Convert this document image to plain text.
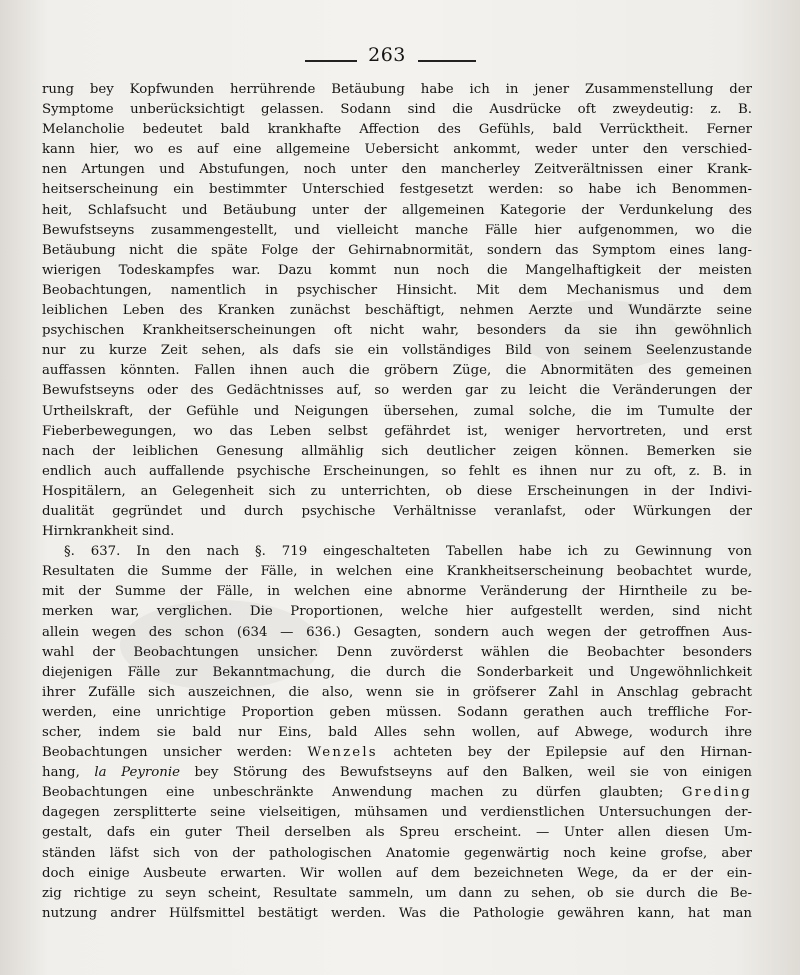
263
rung bey Kopfwunden herrührende Betäubung habe ich in jener Zusammenstellung der
Symptome unberücksichtigt gelassen. Sodann sind die Ausdrücke oft zweydeutig: z. B.
Melancholie bedeutet bald krankhafte Affection des Gefühls, bald Verrücktheit. Ferner
kann hier, wo es auf eine allgemeine Uebersicht ankommt, weder unter den verschied-
nen Artungen und Abstufungen, noch unter den mancherley Zeitverältnissen einer Krank-
heitserscheinung ein bestimmter Unterschied festgesetzt werden: so habe ich Benommen-
heit, Schlafsucht und Betäubung unter der allgemeinen Kategorie der Verdunkelung des
Bewufstseyns zusammengestellt, und vielleicht manche Fälle hier aufgenommen, wo die
Betäubung nicht die späte Folge der Gehirnabnormität, sondern das Symptom eines lang-
wierigen Todeskampfes war. Dazu kommt nun noch die Mangelhaftigkeit der meisten
Beobachtungen, namentlich in psychischer Hinsicht. Mit dem Mechanismus und dem
leiblichen Leben des Kranken zunächst beschäftigt, nehmen Aerzte und Wundärzte seine
psychischen Krankheitserscheinungen oft nicht wahr, besonders da sie ihn gewöhnlich
nur zu kurze Zeit sehen, als dafs sie ein vollständiges Bild von seinem Seelenzustande
auffassen könnten. Fallen ihnen auch die gröbern Züge, die Abnormitäten des gemeinen
Bewufstseyns oder des Gedächtnisses auf, so werden gar zu leicht die Veränderungen der
Urtheilskraft, der Gefühle und Neigungen übersehen, zumal solche, die im Tumulte der
Fieberbewegungen, wo das Leben selbst gefährdet ist, weniger hervortreten, und erst
nach der leiblichen Genesung allmählig sich deutlicher zeigen können. Bemerken sie
endlich auch auffallende psychische Erscheinungen, so fehlt es ihnen nur zu oft, z. B. in
Hospitälern, an Gelegenheit sich zu unterrichten, ob diese Erscheinungen in der Indivi-
dualität gegründet und durch psychische Verhältnisse veranlafst, oder Würkungen der
Hirnkrankheit sind.
§. 637. In den nach §. 719 eingeschalteten Tabellen habe ich zu Gewinnung von
Resultaten die Summe der Fälle, in welchen eine Krankheitserscheinung beobachtet wurde,
mit der Summe der Fälle, in welchen eine abnorme Veränderung der Hirntheile zu be-
merken war, verglichen. Die Proportionen, welche hier aufgestellt werden, sind nicht
allein wegen des schon (634 — 636.) Gesagten, sondern auch wegen der getroffnen Aus-
wahl der Beobachtungen unsicher. Denn zuvörderst wählen die Beobachter besonders
diejenigen Fälle zur Bekanntmachung, die durch die Sonderbarkeit und Ungewöhnlichkeit
ihrer Zufälle sich auszeichnen, die also, wenn sie in gröfserer Zahl in Anschlag gebracht
werden, eine unrichtige Proportion geben müssen. Sodann gerathen auch treffliche For-
scher, indem sie bald nur Eins, bald Alles sehn wollen, auf Abwege, wodurch ihre
Beobachtungen unsicher werden: Wenzels achteten bey der Epilepsie auf den Hirnan-
hang, la Peyronie bey Störung des Bewufstseyns auf den Balken, weil sie von einigen
Beobachtungen eine unbeschränkte Anwendung machen zu dürfen glaubten; Greding
dagegen zersplitterte seine vielseitigen, mühsamen und verdienstlichen Untersuchungen der-
gestalt, dafs ein guter Theil derselben als Spreu erscheint. — Unter allen diesen Um-
ständen läfst sich von der pathologischen Anatomie gegenwärtig noch keine grofse, aber
doch einige Ausbeute erwarten. Wir wollen auf dem bezeichneten Wege, da er der ein-
zig richtige zu seyn scheint, Resultate sammeln, um dann zu sehen, ob sie durch die Be-
nutzung andrer Hülfsmittel bestätigt werden. Was die Pathologie gewähren kann, hat man
